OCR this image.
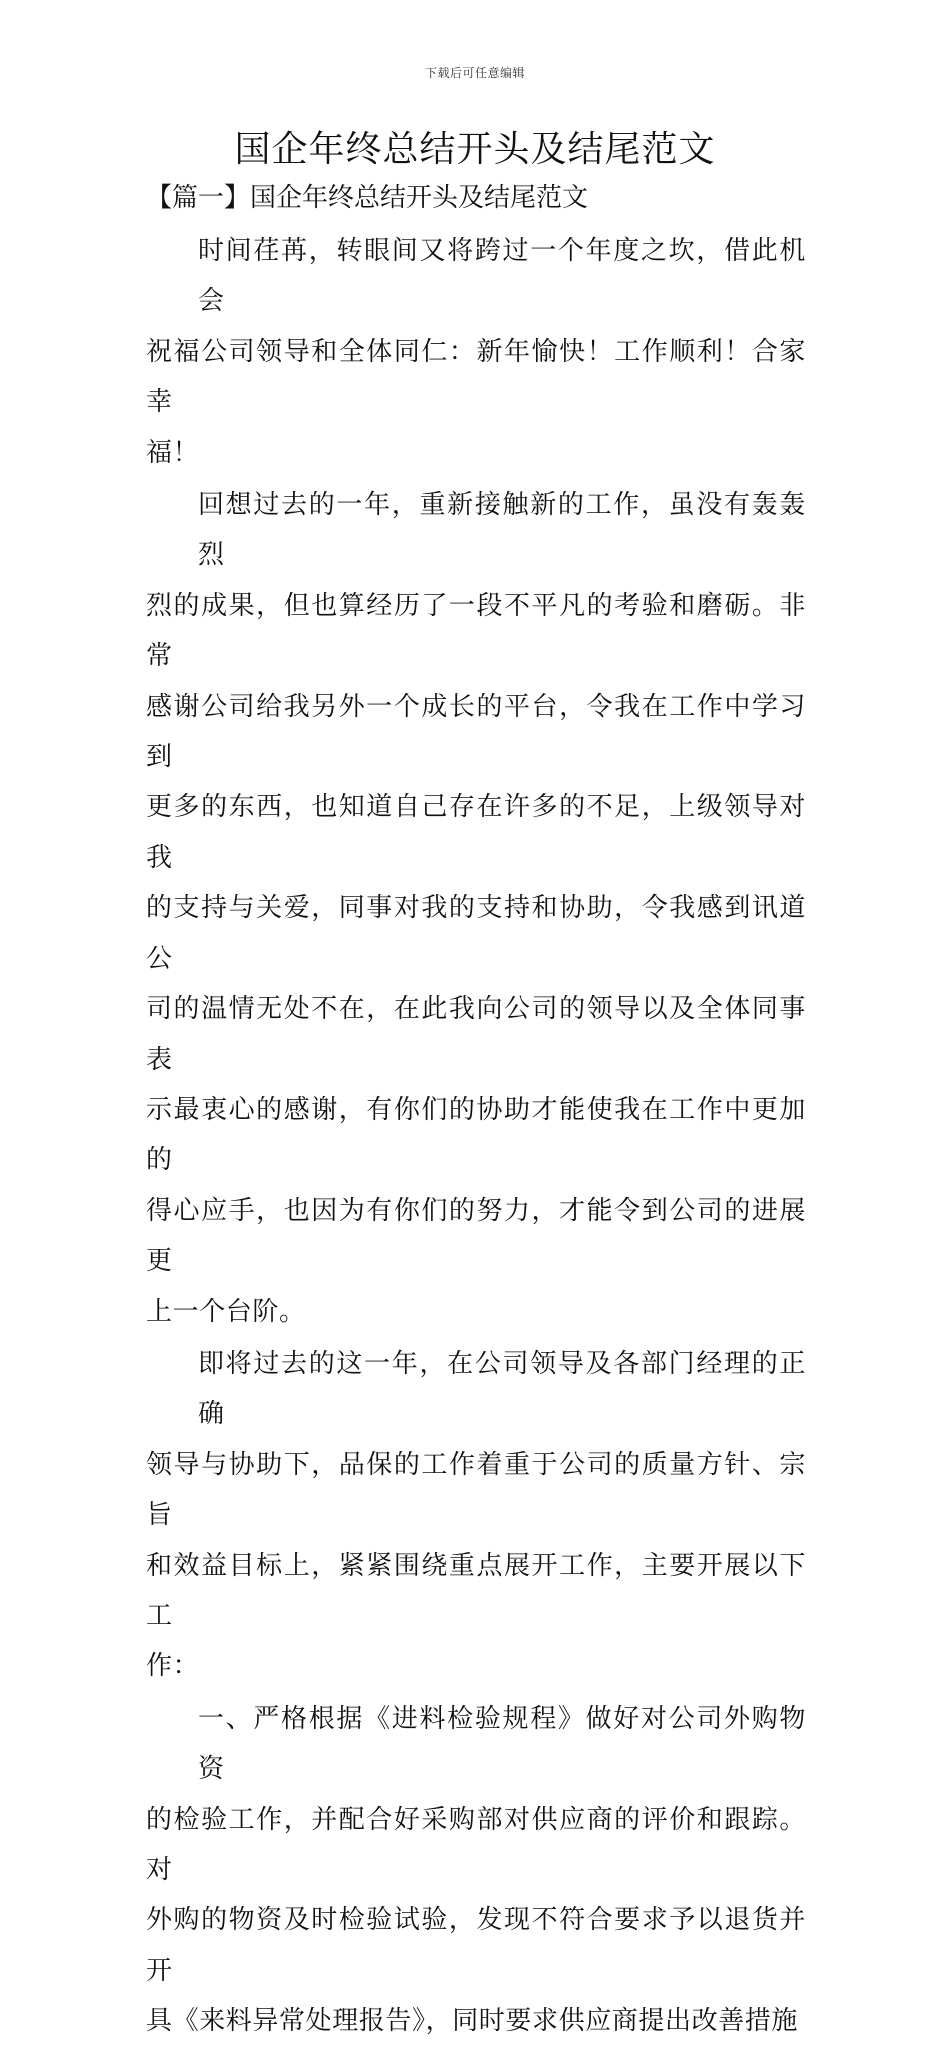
下载后可任意编辑
国企年终总结开头及结尾范文
【篇一】国企年终总结开头及结尾范文

时间荏苒，转眼间又将跨过一个年度之坎，借此机会
祝福公司领导和全体同仁：新年愉快！工作顺利！合家幸
福！

回想过去的一年，重新接触新的工作，虽没有轰轰烈
烈的成果，但也算经历了一段不平凡的考验和磨砺。非常
感谢公司给我另外一个成长的平台，令我在工作中学习到
更多的东西，也知道自己存在许多的不足，上级领导对我
的支持与关爱，同事对我的支持和协助，令我感到讯道公
司的温情无处不在，在此我向公司的领导以及全体同事表
示最衷心的感谢，有你们的协助才能使我在工作中更加的
得心应手，也因为有你们的努力，才能令到公司的进展更
上一个台阶。

即将过去的这一年，在公司领导及各部门经理的正确
领导与协助下，品保的工作着重于公司的质量方针、宗旨
和效益目标上，紧紧围绕重点展开工作，主要开展以下工
作：

一、严格根据《进料检验规程》做好对公司外购物资
的检验工作，并配合好采购部对供应商的评价和跟踪。对
外购的物资及时检验试验，发现不符合要求予以退货并开
具《来料异常处理报告》，同时要求供应商提出改善措施
